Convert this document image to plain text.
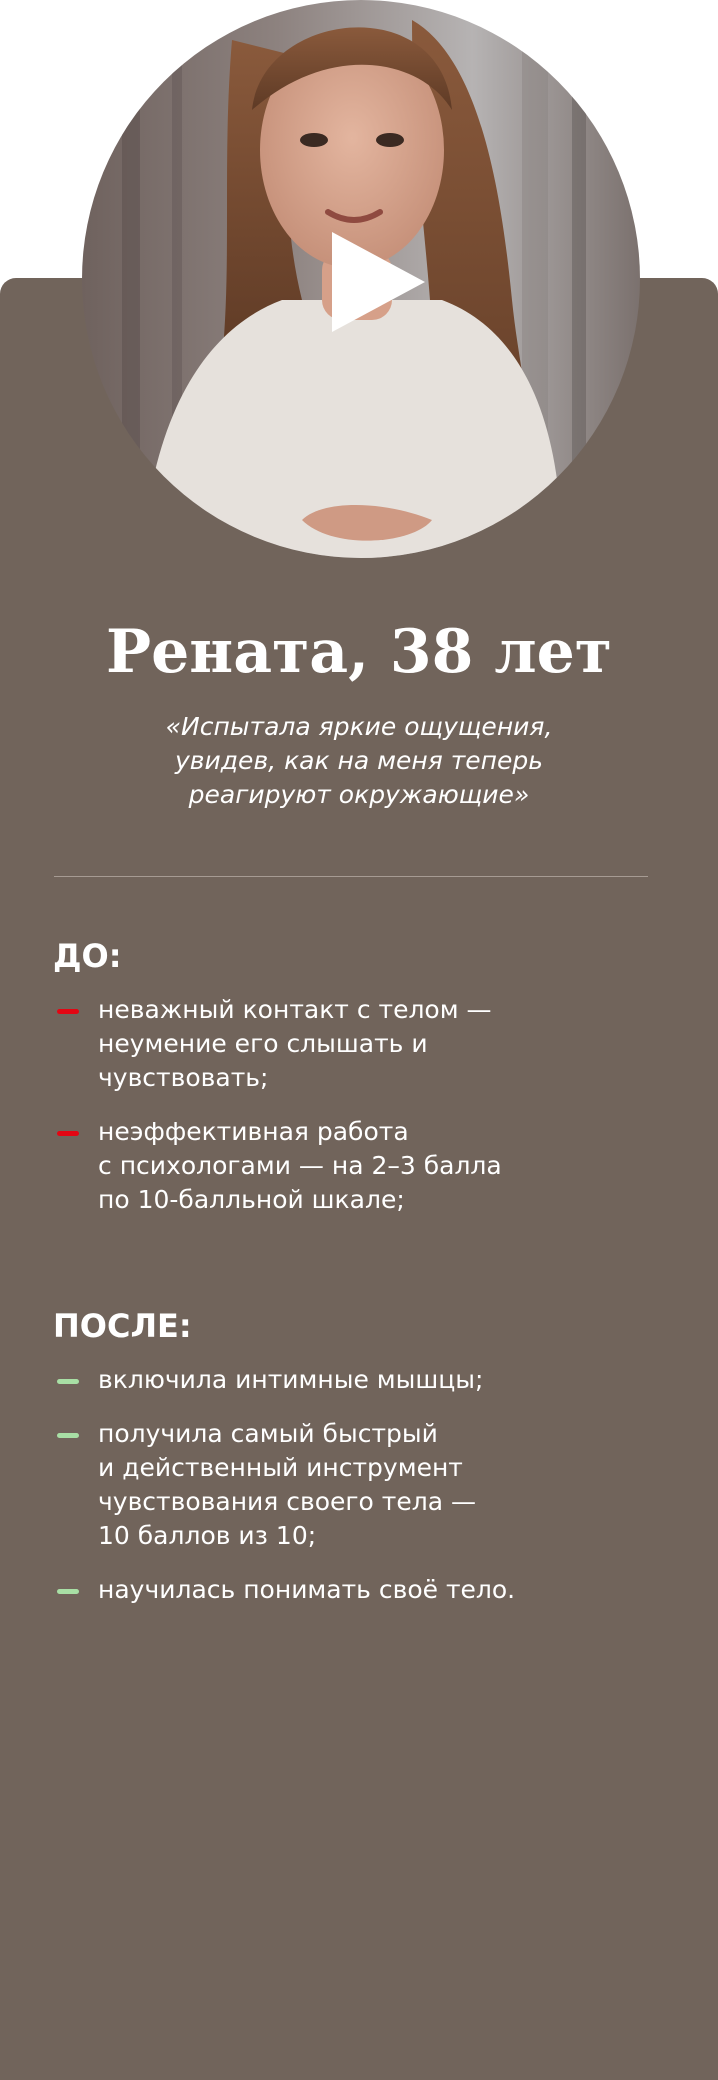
Рената, 38 лет

«Испытала яркие ощущения,
увидев, как на меня теперь
реагируют окружающие»

ДО:
неважный контакт с телом —
неумение его слышать и
чувствовать;
неэффективная работа
с психологами — на 2–3 балла
по 10-балльной шкале;
ПОСЛЕ:
включила интимные мышцы;
получила самый быстрый
и действенный инструмент
чувствования своего тела —
10 баллов из 10;
научилась понимать своё тело.
